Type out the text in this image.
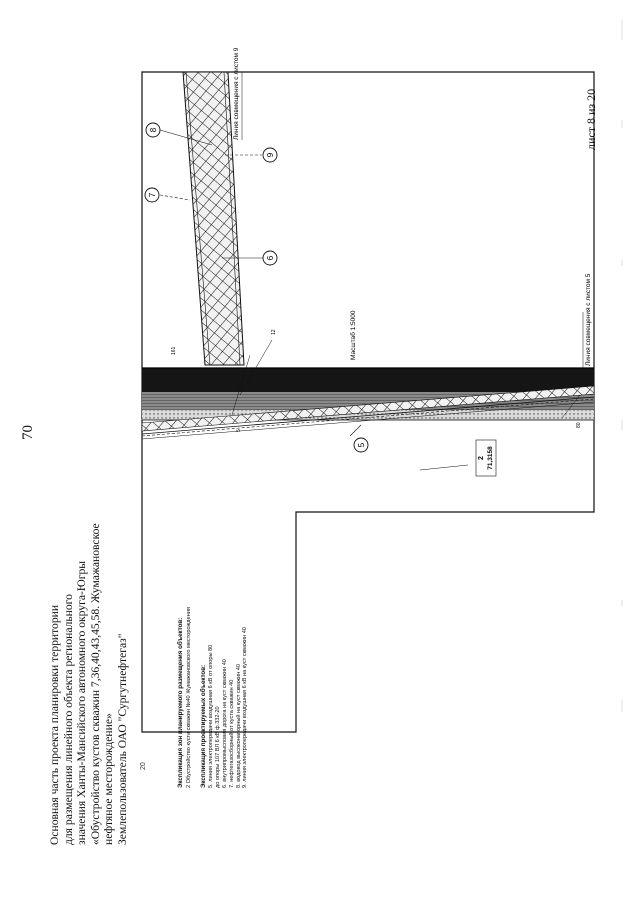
70
Основная часть проекта планировки территории для размещения линейного объекта регионального значения Ханты-Мансийского автономного округа-Югры «Обустройство кустов скважин 7,36,40,43,45,58. Жумажановское нефтяное месторождение» Землепользователь ОАО "Сургутнефтегаз" 20	Экспликация зон планируемого размещения объектов: 2 Обустройство куста скважин №40 Жумажановского месторождения Экспликация проектируемых объектов: 5. линия электропередачи воздушная 6 кВ от опоры 80 до опоры 107 ВЛ 6 кВ ф.332-20 6. внутрипромысловая дорога на куст скважин 40 7. нефтегазосборный от куста скважин 40 8. водовод высоконапорный на куст скважин 40 9. линия электропередачи воздушная 6 кВ на куст скважин 40
лист 8 из 20
8
7
9
6
5
2 71,3158
161
12
5
80
Масштаб 1:5000
Линия совмещения с листом 9
Линия совмещения с листом 5
